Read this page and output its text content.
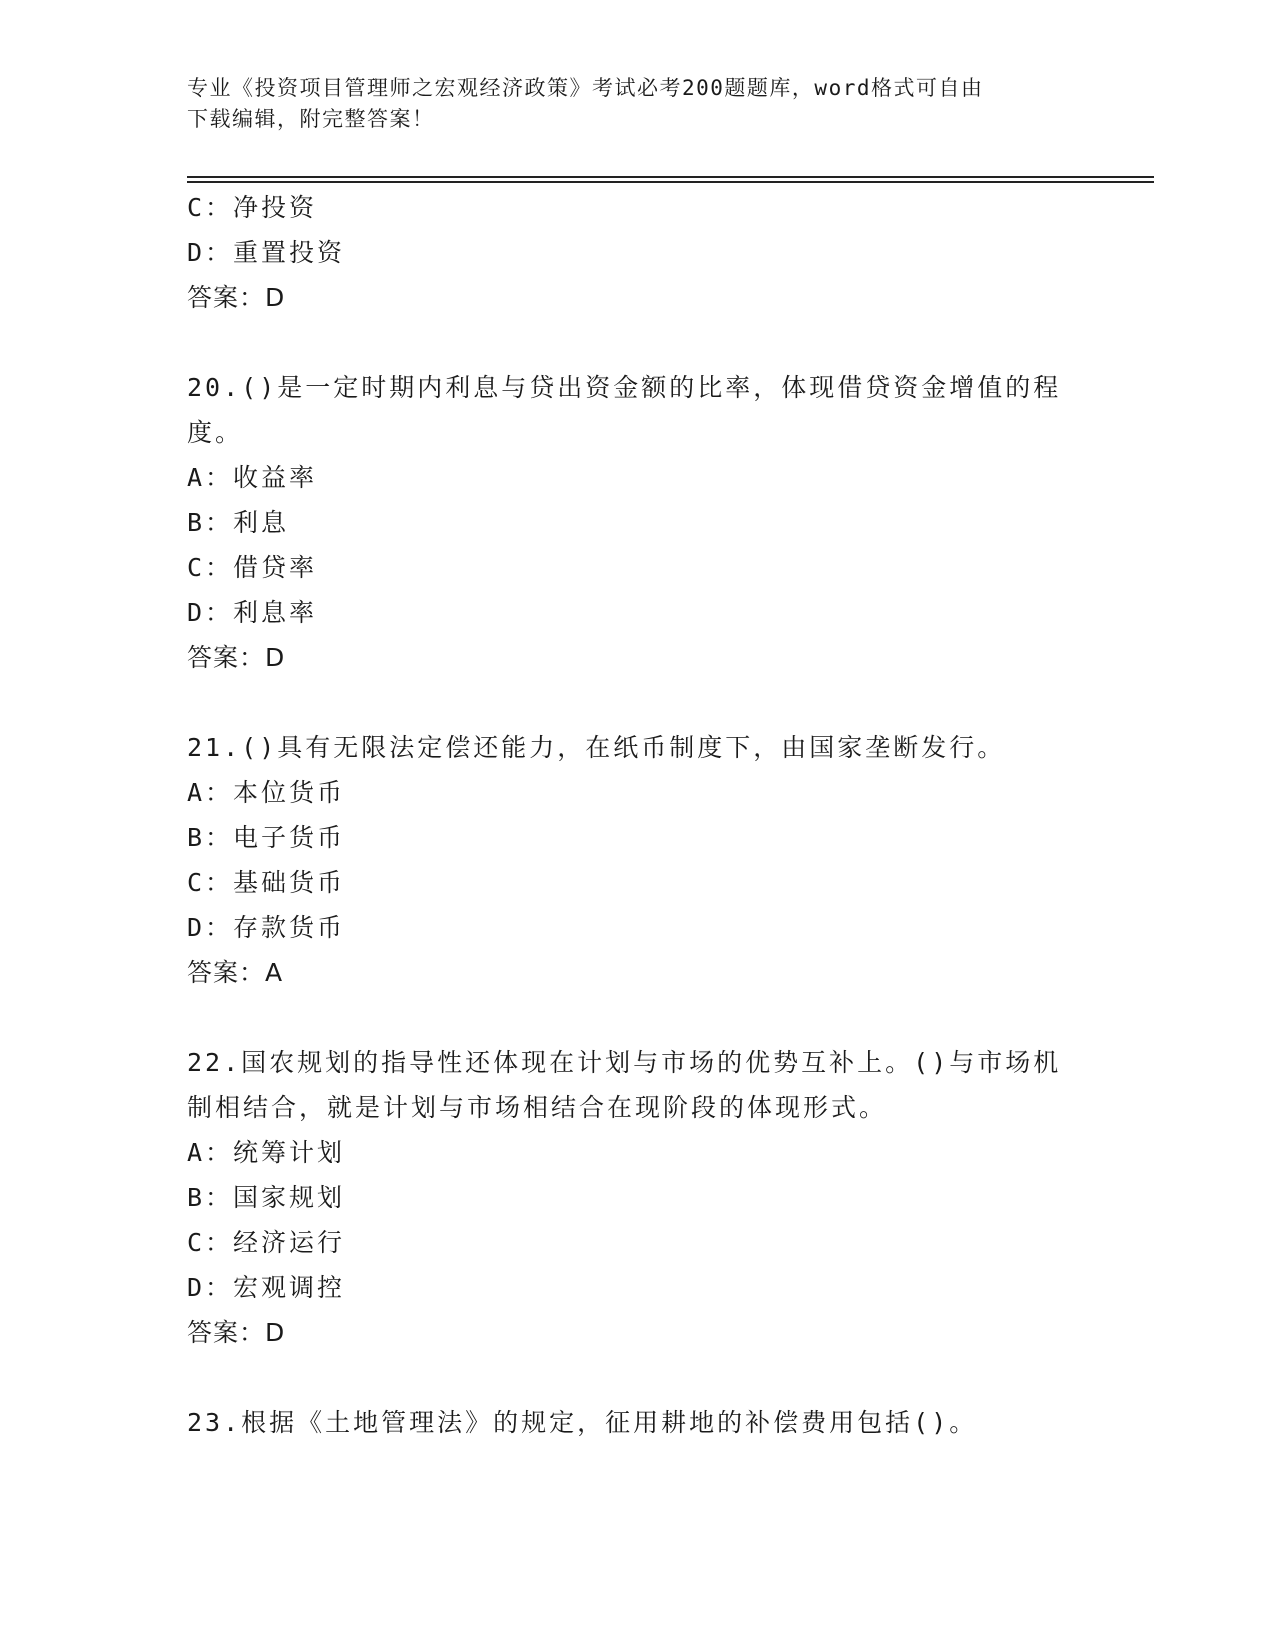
专业《投资项目管理师之宏观经济政策》考试必考200题题库，word格式可自由
下载编辑，附完整答案！
C：净投资
D：重置投资
答案：D
20.()是一定时期内利息与贷出资金额的比率，体现借贷资金增值的程
度。
A：收益率
B：利息
C：借贷率
D：利息率
答案：D
21.()具有无限法定偿还能力，在纸币制度下，由国家垄断发行。
A：本位货币
B：电子货币
C：基础货币
D：存款货币
答案：A
22.国农规划的指导性还体现在计划与市场的优势互补上。()与市场机
制相结合，就是计划与市场相结合在现阶段的体现形式。
A：统筹计划
B：国家规划
C：经济运行
D：宏观调控
答案：D
23.根据《土地管理法》的规定，征用耕地的补偿费用包括()。
